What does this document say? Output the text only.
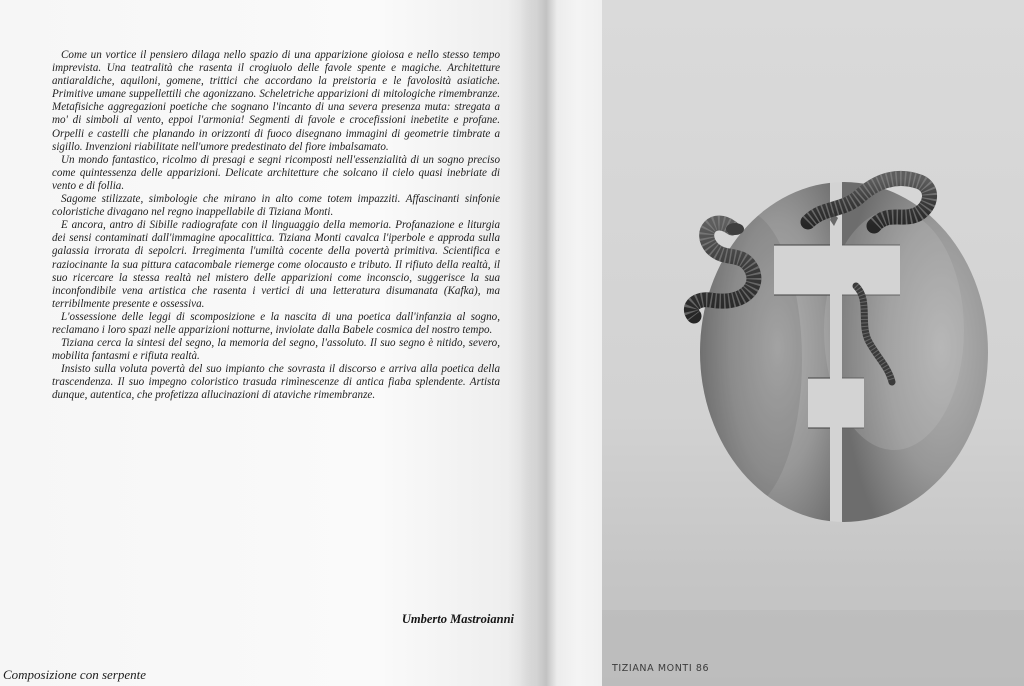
Come un vortice il pensiero dilaga nello spazio di una apparizione gioiosa e nello stesso tempo imprevista. Una teatralità che rasenta il crogiuolo delle favole spente e magiche. Architetture antiaraldiche, aquiloni, gomene, trittici che accordano la preistoria e le favolosità asiatiche. Primitive umane suppellettili che agonizzano. Scheletriche apparizioni di mitologiche rimembranze. Metafisiche aggregazioni poetiche che sognano l'incanto di una severa presenza muta: stregata a mo' di simboli al vento, eppoi l'armonia! Segmenti di favole e crocefissioni inebetite e profane. Orpelli e castelli che planando in orizzonti di fuoco disegnano immagini di geometrie timbrate a sigillo. Invenzioni riabilitate nell'umore predestinato del fiore imbalsamato.

Un mondo fantastico, ricolmo di presagi e segni ricomposti nell'essenzialità di un sogno preciso come quintessenza delle apparizioni. Delicate architetture che solcano il cielo quasi inebriate di vento e di follia.

Sagome stilizzate, simbologie che mirano in alto come totem impazziti. Affascinanti sinfonie coloristiche divagano nel regno inappellabile di Tiziana Monti.

E ancora, antro di Sibille radiografate con il linguaggio della memoria. Profanazione e liturgia dei sensi contaminati dall'immagine apocalittica. Tiziana Monti cavalca l'iperbole e approda sulla galassia irrorata di sepolcri. Irregimenta l'umiltà cocente della povertà primitiva. Scientifica e raziocinante la sua pittura catacombale riemerge come olocausto e tributo. Il rifiuto della realtà, il suo ricercare la stessa realtà nel mistero delle apparizioni come inconscio, suggerisce la sua inconfondibile vena artistica che rasenta i vertici di una letteratura disumanata (Kafka), ma terribilmente presente e ossessiva.

L'ossessione delle leggi di scomposizione e la nascita di una poetica dall'infanzia al sogno, reclamano i loro spazi nelle apparizioni notturne, inviolate dalla Babele cosmica del nostro tempo.

Tiziana cerca la sintesi del segno, la memoria del segno, l'assoluto. Il suo segno è nitido, severo, mobilita fantasmi e rifiuta realtà.

Insisto sulla voluta povertà del suo impianto che sovrasta il discorso e arriva alla poetica della trascendenza. Il suo impegno coloristico trasuda rimìnescenze di antica fiaba splendente. Artista dunque, autentica, che profetizza allucinazioni di ataviche rimembranze.

Umberto Mastroianni
Composizione con serpente	TIZIANA MONTI 86
